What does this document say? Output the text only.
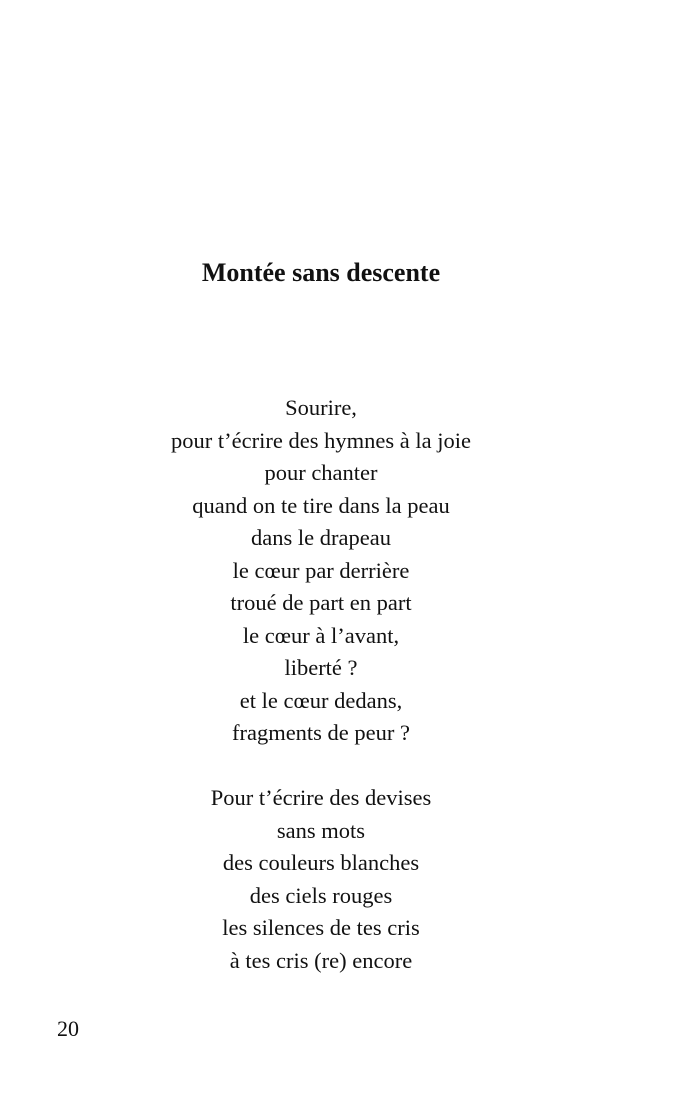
Montée sans descente
Sourire,
pour t’écrire des hymnes à la joie
pour chanter
quand on te tire dans la peau
dans le drapeau
le cœur par derrière
troué de part en part
le cœur à l’avant,
liberté ?
et le cœur dedans,
fragments de peur ?
Pour t’écrire des devises
sans mots
des couleurs blanches
des ciels rouges
les silences de tes cris
à tes cris (re) encore
20
